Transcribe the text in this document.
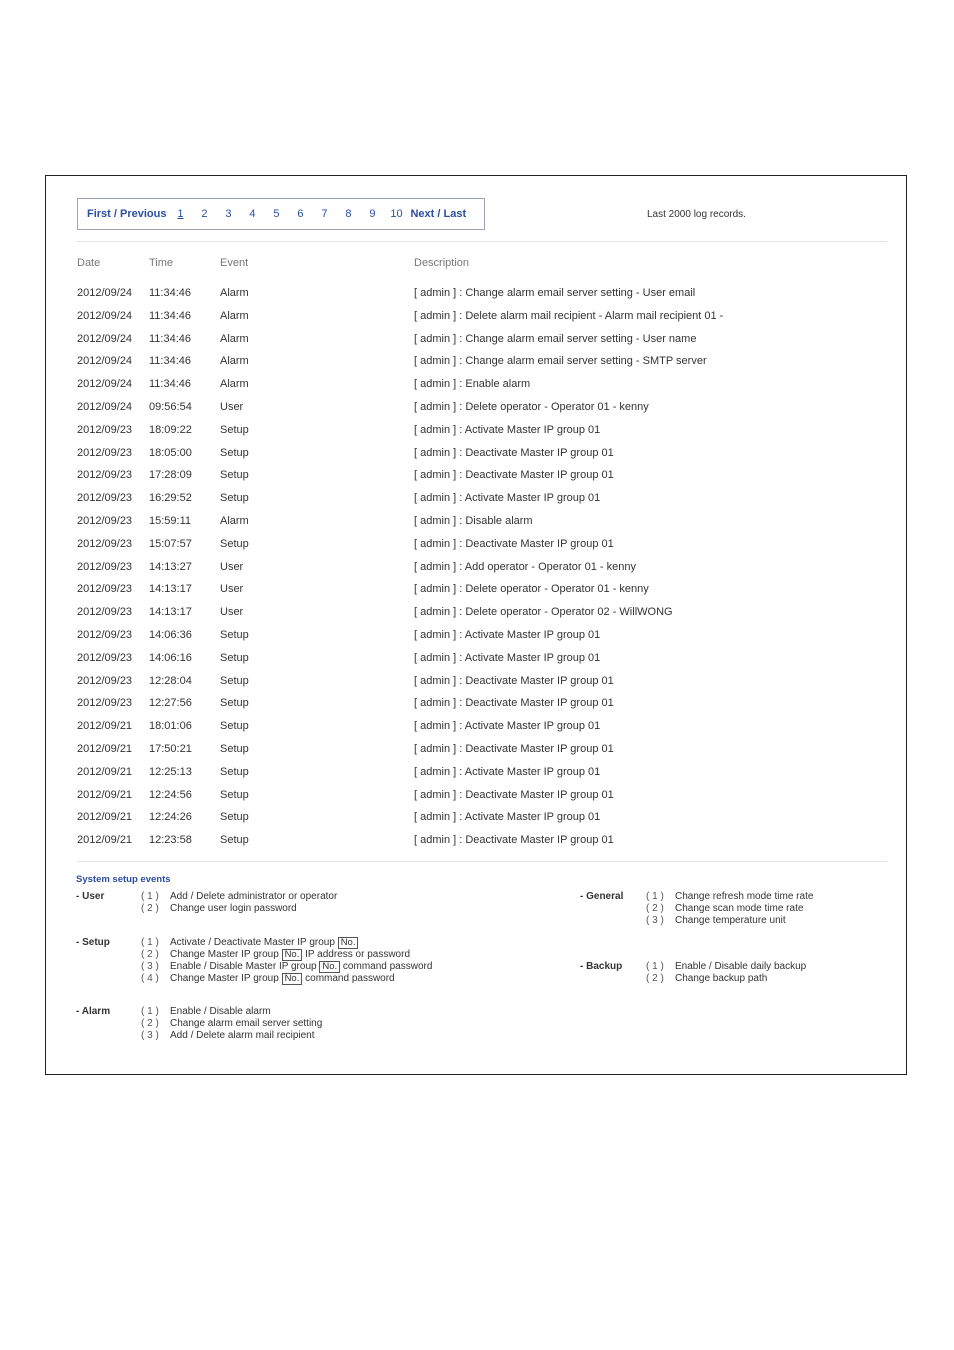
First / Previous 1 2 3 4 5 6 7 8 9 10 Next / Last	Last 2000 log records.
Date	Time	Event	Description
2012/09/24 11:34:46	Alarm	[ admin ] : Change alarm email server setting - User email
2012/09/24 11:34:46	Alarm	[ admin ] : Delete alarm mail recipient - Alarm mail recipient 01 -
2012/09/24 11:34:46	Alarm	[ admin ] : Change alarm email server setting - User name
2012/09/24 11:34:46	Alarm	[ admin ] : Change alarm email server setting - SMTP server
2012/09/24 11:34:46	Alarm	[ admin ] : Enable alarm
2012/09/24 09:56:54	User	[ admin ] : Delete operator - Operator 01 - kenny
2012/09/23 18:09:22	Setup	[ admin ] : Activate Master IP group 01
2012/09/23 18:05:00	Setup	[ admin ] : Deactivate Master IP group 01
2012/09/23 17:28:09	Setup	[ admin ] : Deactivate Master IP group 01
2012/09/23 16:29:52	Setup	[ admin ] : Activate Master IP group 01
2012/09/23 15:59:11	Alarm	[ admin ] : Disable alarm
2012/09/23 15:07:57	Setup	[ admin ] : Deactivate Master IP group 01
2012/09/23 14:13:27	User	[ admin ] : Add operator - Operator 01 - kenny
2012/09/23 14:13:17	User	[ admin ] : Delete operator - Operator 01 - kenny
2012/09/23 14:13:17	User	[ admin ] : Delete operator - Operator 02 - WillWONG
2012/09/23 14:06:36	Setup	[ admin ] : Activate Master IP group 01
2012/09/23 14:06:16	Setup	[ admin ] : Activate Master IP group 01
2012/09/23 12:28:04	Setup	[ admin ] : Deactivate Master IP group 01
2012/09/23 12:27:56	Setup	[ admin ] : Deactivate Master IP group 01
2012/09/21 18:01:06	Setup	[ admin ] : Activate Master IP group 01
2012/09/21 17:50:21	Setup	[ admin ] : Deactivate Master IP group 01
2012/09/21 12:25:13	Setup	[ admin ] : Activate Master IP group 01
2012/09/21 12:24:56	Setup	[ admin ] : Deactivate Master IP group 01
2012/09/21 12:24:26	Setup	[ admin ] : Activate Master IP group 01
2012/09/21 12:23:58	Setup	[ admin ] : Deactivate Master IP group 01
System setup events
- User	( 1 ) Add / Delete administrator or operator
( 2 ) Change user login password
- Setup	( 1 ) Activate / Deactivate Master IP group No.
( 2 ) Change Master IP group No. IP address or password
( 3 ) Enable / Disable Master IP group No. command password
( 4 ) Change Master IP group No. command password
- Alarm	( 1 ) Enable / Disable alarm
( 2 ) Change alarm email server setting
( 3 ) Add / Delete alarm mail recipient
- General ( 1 ) Change refresh mode time rate
( 2 ) Change scan mode time rate
( 3 ) Change temperature unit
- Backup ( 1 ) Enable / Disable daily backup
( 2 ) Change backup path
